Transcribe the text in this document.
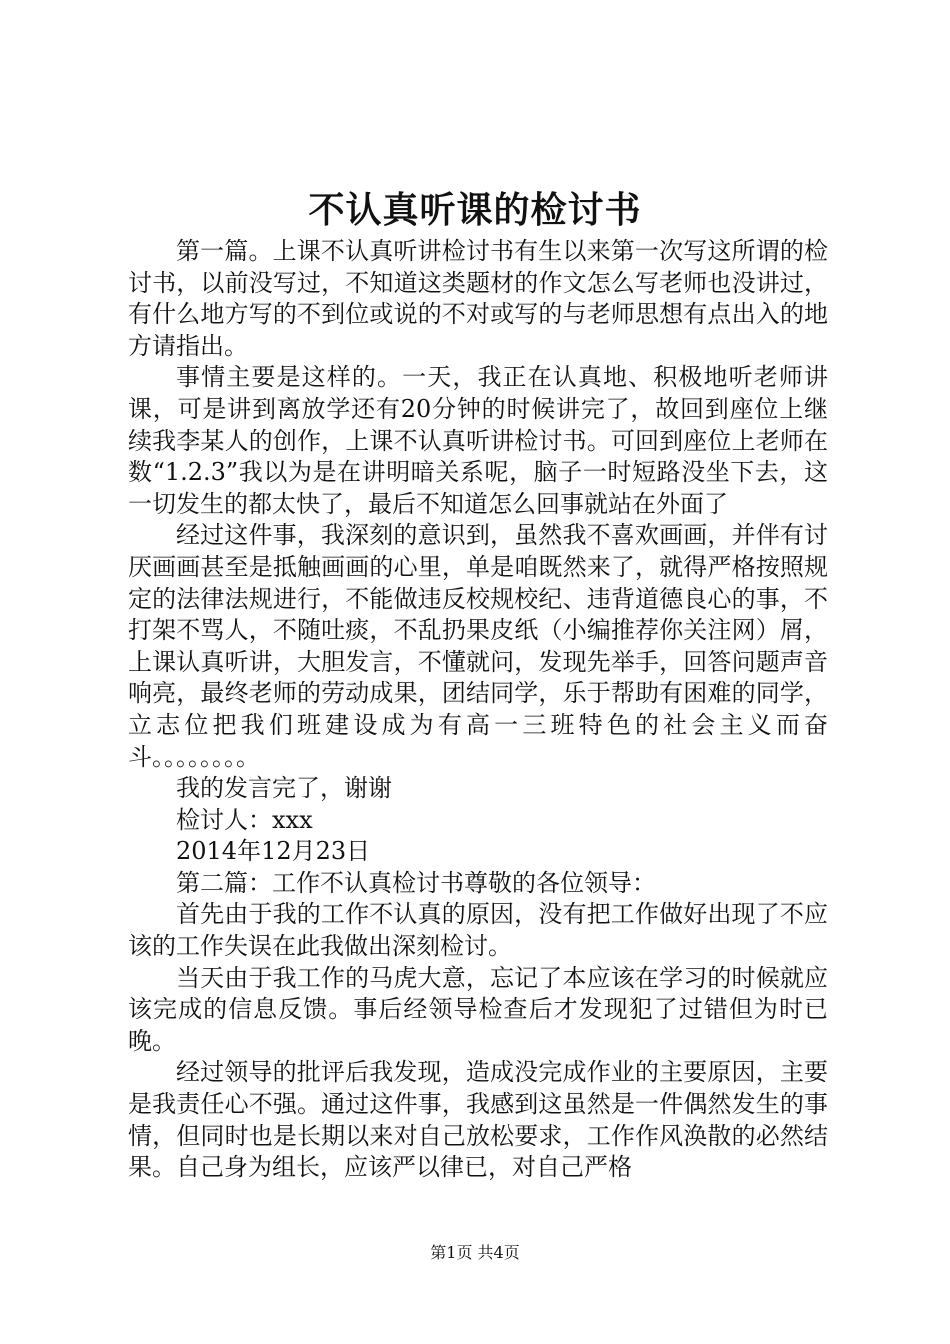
不认真听课的检讨书

第一篇。上课不认真听讲检讨书有生以来第一次写这所谓的检讨书，以前没写过，不知道这类题材的作文怎么写老师也没讲过，有什么地方写的不到位或说的不对或写的与老师思想有点出入的地方请指出。

事情主要是这样的。一天，我正在认真地、积极地听老师讲课，可是讲到离放学还有20分钟的时候讲完了，故回到座位上继续我李某人的创作，上课不认真听讲检讨书。可回到座位上老师在数“1.2.3”我以为是在讲明暗关系呢，脑子一时短路没坐下去，这一切发生的都太快了，最后不知道怎么回事就站在外面了

经过这件事，我深刻的意识到，虽然我不喜欢画画，并伴有讨厌画画甚至是抵触画画的心里，单是咱既然来了，就得严格按照规定的法律法规进行，不能做违反校规校纪、违背道德良心的事，不打架不骂人，不随吐痰，不乱扔果皮纸（小编推荐你关注网）屑，上课认真听讲，大胆发言，不懂就问，发现先举手，回答问题声音响亮，最终老师的劳动成果，团结同学，乐于帮助有困难的同学，立志位把我们班建设成为有高一三班特色的社会主义而奋斗。。。。。。。。

我的发言完了，谢谢

检讨人：xxx

2014年12月23日

第二篇：工作不认真检讨书尊敬的各位领导：

首先由于我的工作不认真的原因，没有把工作做好出现了不应该的工作失误在此我做出深刻检讨。

当天由于我工作的马虎大意，忘记了本应该在学习的时候就应该完成的信息反馈。事后经领导检查后才发现犯了过错但为时已晚。

经过领导的批评后我发现，造成没完成作业的主要原因，主要是我责任心不强。通过这件事，我感到这虽然是一件偶然发生的事情，但同时也是长期以来对自己放松要求，工作作风涣散的必然结果。自己身为组长，应该严以律已，对自己严格

第1页 共4页
